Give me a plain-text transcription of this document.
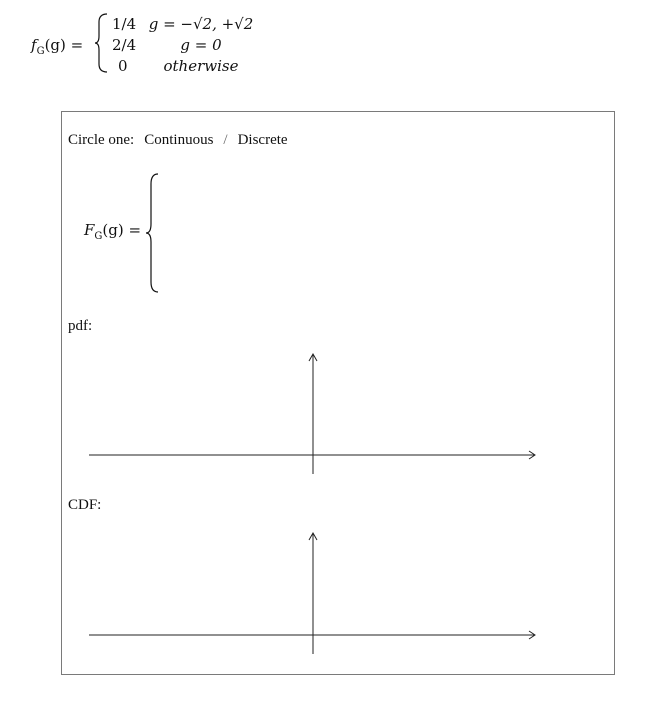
$f_G(g)$ =
1/4 g = −√2, +√2
2/4	g = 0
0	otherwise
Circle one: Continuous / Discrete
$F_G(g)$ =
pdf:
CDF:
